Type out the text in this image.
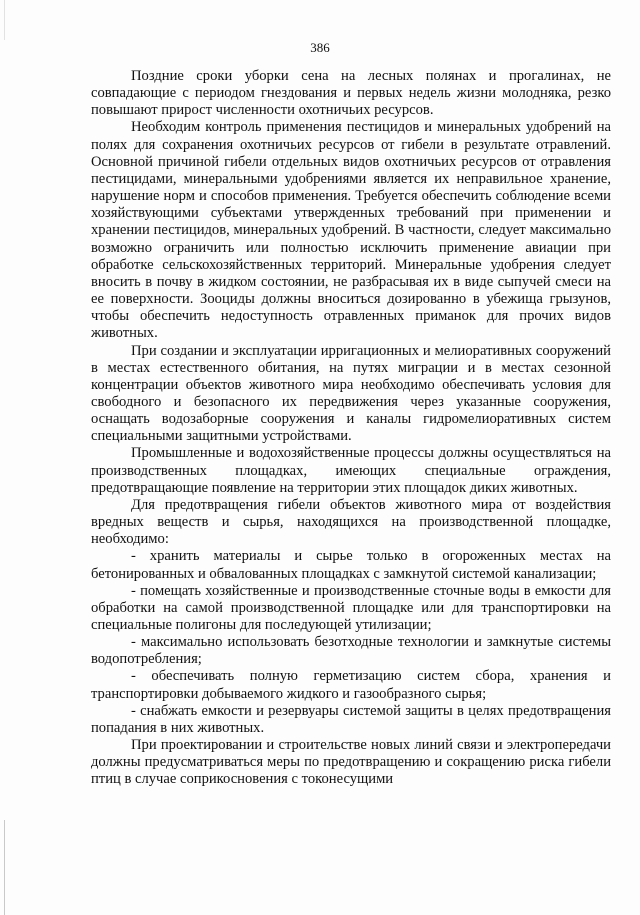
386

Поздние сроки уборки сена на лесных полянах и прогалинах, не совпадающие с периодом гнездования и первых недель жизни молодняка, резко повышают прирост численности охотничьих ресурсов.

Необходим контроль применения пестицидов и минеральных удобрений на полях для сохранения охотничьих ресурсов от гибели в результате отравлений. Основной причиной гибели отдельных видов охотничьих ресурсов от отравления пестицидами, минеральными удобрениями является их неправильное хранение, нарушение норм и способов применения. Требуется обеспечить соблюдение всеми хозяйствующими субъектами утвержденных требований при применении и хранении пестицидов, минеральных удобрений. В частности, следует максимально возможно ограничить или полностью исключить применение авиации при обработке сельскохозяйственных территорий. Минеральные удобрения следует вносить в почву в жидком состоянии, не разбрасывая их в виде сыпучей смеси на ее поверхности. Зооциды должны вноситься дозированно в убежища грызунов, чтобы обеспечить недоступность отравленных приманок для прочих видов животных.

При создании и эксплуатации ирригационных и мелиоративных сооружений в местах естественного обитания, на путях миграции и в местах сезонной концентрации объектов животного мира необходимо обеспечивать условия для свободного и безопасного их передвижения через указанные сооружения, оснащать водозаборные сооружения и каналы гидромелиоративных систем специальными защитными устройствами.

Промышленные и водохозяйственные процессы должны осуществляться на производственных площадках, имеющих специальные ограждения, предотвращающие появление на территории этих площадок диких животных.

Для предотвращения гибели объектов животного мира от воздействия вредных веществ и сырья, находящихся на производственной площадке, необходимо:

- хранить материалы и сырье только в огороженных местах на бетонированных и обвалованных площадках с замкнутой системой канализации;

- помещать хозяйственные и производственные сточные воды в емкости для обработки на самой производственной площадке или для транспортировки на специальные полигоны для последующей утилизации;

- максимально использовать безотходные технологии и замкнутые системы водопотребления;

- обеспечивать полную герметизацию систем сбора, хранения и транспортировки добываемого жидкого и газообразного сырья;

- снабжать емкости и резервуары системой защиты в целях предотвращения попадания в них животных.

При проектировании и строительстве новых линий связи и электропередачи должны предусматриваться меры по предотвращению и сокращению риска гибели птиц в случае соприкосновения с токонесущими
